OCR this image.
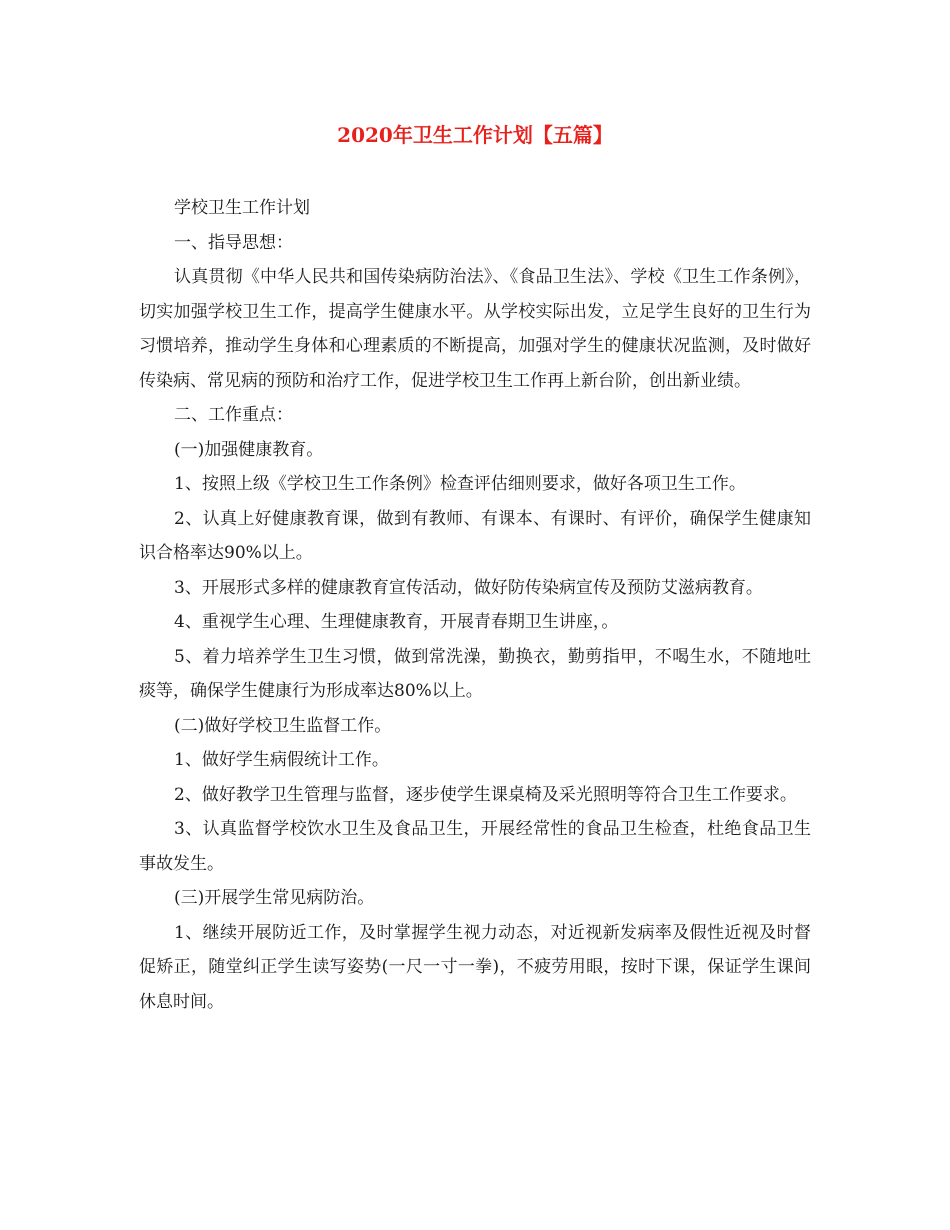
2020年卫生工作计划【五篇】

学校卫生工作计划

一、指导思想：

认真贯彻《中华人民共和国传染病防治法》、《食品卫生法》、学校《卫生工作条例》，切实加强学校卫生工作，提高学生健康水平。从学校实际出发，立足学生良好的卫生行为习惯培养，推动学生身体和心理素质的不断提高，加强对学生的健康状况监测，及时做好传染病、常见病的预防和治疗工作，促进学校卫生工作再上新台阶，创出新业绩。

二、工作重点：

(一)加强健康教育。

1、按照上级《学校卫生工作条例》检查评估细则要求，做好各项卫生工作。

2、认真上好健康教育课，做到有教师、有课本、有课时、有评价，确保学生健康知识合格率达90%以上。

3、开展形式多样的健康教育宣传活动，做好防传染病宣传及预防艾滋病教育。

4、重视学生心理、生理健康教育，开展青春期卫生讲座，。

5、着力培养学生卫生习惯，做到常洗澡，勤换衣，勤剪指甲，不喝生水，不随地吐痰等，确保学生健康行为形成率达80%以上。

(二)做好学校卫生监督工作。

1、做好学生病假统计工作。

2、做好教学卫生管理与监督，逐步使学生课桌椅及采光照明等符合卫生工作要求。

3、认真监督学校饮水卫生及食品卫生，开展经常性的食品卫生检查，杜绝食品卫生事故发生。

(三)开展学生常见病防治。

1、继续开展防近工作，及时掌握学生视力动态，对近视新发病率及假性近视及时督促矫正，随堂纠正学生读写姿势(一尺一寸一拳)，不疲劳用眼，按时下课，保证学生课间休息时间。
